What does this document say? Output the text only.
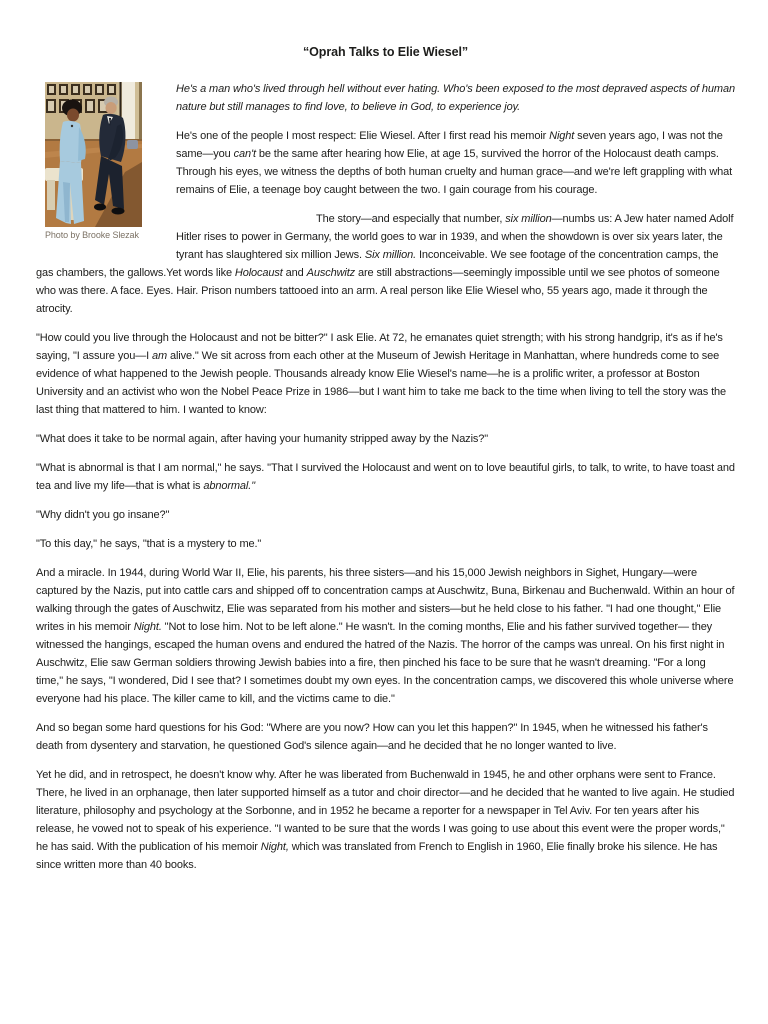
“Oprah Talks to Elie Wiesel”
Photo by Brooke Slezak

He's a man who's lived through hell without ever hating. Who's been exposed to the most depraved aspects of human nature but still manages to find love, to believe in God, to experience joy.

He's one of the people I most respect: Elie Wiesel. After I first read his memoir Night seven years ago, I was not the same—you can't be the same after hearing how Elie, at age 15, survived the horror of the Holocaust death camps. Through his eyes, we witness the depths of both human cruelty and human grace—and we're left grappling with what remains of Elie, a teenage boy caught between the two. I gain courage from his courage.

The story—and especially that number, six million—numbs us: A Jew hater named Adolf Hitler rises to power in Germany, the world goes to war in 1939, and when the showdown is over six years later, the tyrant has slaughtered six million Jews. Six million. Inconceivable. We see footage of the concentration camps, the gas chambers, the gallows.Yet words like Holocaust and Auschwitz are still abstractions—seemingly impossible until we see photos of someone who was there. A face. Eyes. Hair. Prison numbers tattooed into an arm. A real person like Elie Wiesel who, 55 years ago, made it through the atrocity.

"How could you live through the Holocaust and not be bitter?" I ask Elie. At 72, he emanates quiet strength; with his strong handgrip, it's as if he's saying, "I assure you—I am alive." We sit across from each other at the Museum of Jewish Heritage in Manhattan, where hundreds come to see evidence of what happened to the Jewish people. Thousands already know Elie Wiesel's name—he is a prolific writer, a professor at Boston University and an activist who won the Nobel Peace Prize in 1986—but I want him to take me back to the time when living to tell the story was the last thing that mattered to him. I wanted to know:

"What does it take to be normal again, after having your humanity stripped away by the Nazis?"

"What is abnormal is that I am normal," he says. "That I survived the Holocaust and went on to love beautiful girls, to talk, to write, to have toast and tea and live my life—that is what is abnormal."

"Why didn't you go insane?"

"To this day," he says, "that is a mystery to me."

And a miracle. In 1944, during World War II, Elie, his parents, his three sisters—and his 15,000 Jewish neighbors in Sighet, Hungary—were captured by the Nazis, put into cattle cars and shipped off to concentration camps at Auschwitz, Buna, Birkenau and Buchenwald. Within an hour of walking through the gates of Auschwitz, Elie was separated from his mother and sisters—but he held close to his father. "I had one thought," Elie writes in his memoir Night. "Not to lose him. Not to be left alone." He wasn't. In the coming months, Elie and his father survived together— they witnessed the hangings, escaped the human ovens and endured the hatred of the Nazis. The horror of the camps was unreal. On his first night in Auschwitz, Elie saw German soldiers throwing Jewish babies into a fire, then pinched his face to be sure that he wasn't dreaming. "For a long time," he says, "I wondered, Did I see that? I sometimes doubt my own eyes. In the concentration camps, we discovered this whole universe where everyone had his place. The killer came to kill, and the victims came to die."

And so began some hard questions for his God: "Where are you now? How can you let this happen?" In 1945, when he witnessed his father's death from dysentery and starvation, he questioned God's silence again—and he decided that he no longer wanted to live.

Yet he did, and in retrospect, he doesn't know why. After he was liberated from Buchenwald in 1945, he and other orphans were sent to France. There, he lived in an orphanage, then later supported himself as a tutor and choir director—and he decided that he wanted to live again. He studied literature, philosophy and psychology at the Sorbonne, and in 1952 he became a reporter for a newspaper in Tel Aviv. For ten years after his release, he vowed not to speak of his experience. "I wanted to be sure that the words I was going to use about this event were the proper words," he has said. With the publication of his memoir Night, which was translated from French to English in 1960, Elie finally broke his silence. He has since written more than 40 books.
